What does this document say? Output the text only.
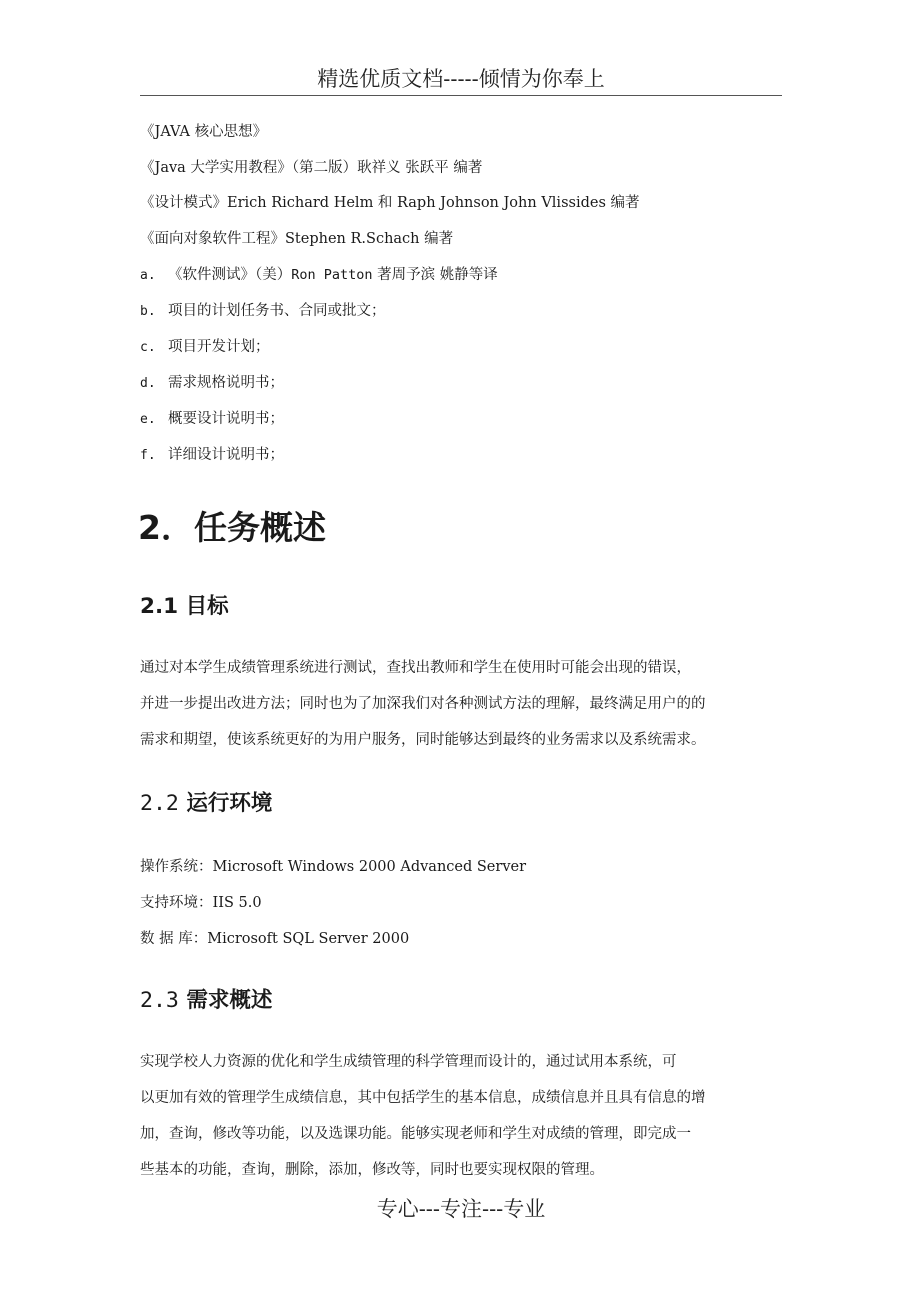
精选优质文档-----倾情为你奉上
《JAVA 核心思想》
《Java 大学实用教程》（第二版）耿祥义 张跃平 编著
《设计模式》Erich Richard Helm 和 Raph Johnson John Vlissides 编著
《面向对象软件工程》Stephen R.Schach 编著
a. 《软件测试》（美）Ron Patton 著周予滨 姚静等译
b. 项目的计划任务书、合同或批文；
c. 项目开发计划；
d. 需求规格说明书；
e. 概要设计说明书；
f. 详细设计说明书；
2．任务概述
2.1 目标
通过对本学生成绩管理系统进行测试，查找出教师和学生在使用时可能会出现的错误，
并进一步提出改进方法；同时也为了加深我们对各种测试方法的理解，最终满足用户的的
需求和期望，使该系统更好的为用户服务，同时能够达到最终的业务需求以及系统需求。
2.2 运行环境
操作系统：Microsoft Windows 2000 Advanced Server
支持环境：IIS 5.0
数 据 库：Microsoft SQL Server 2000
2.3 需求概述
实现学校人力资源的优化和学生成绩管理的科学管理而设计的，通过试用本系统，可
以更加有效的管理学生成绩信息，其中包括学生的基本信息，成绩信息并且具有信息的增
加，查询，修改等功能，以及选课功能。能够实现老师和学生对成绩的管理，即完成一
些基本的功能，查询，删除，添加，修改等，同时也要实现权限的管理。
专心---专注---专业
